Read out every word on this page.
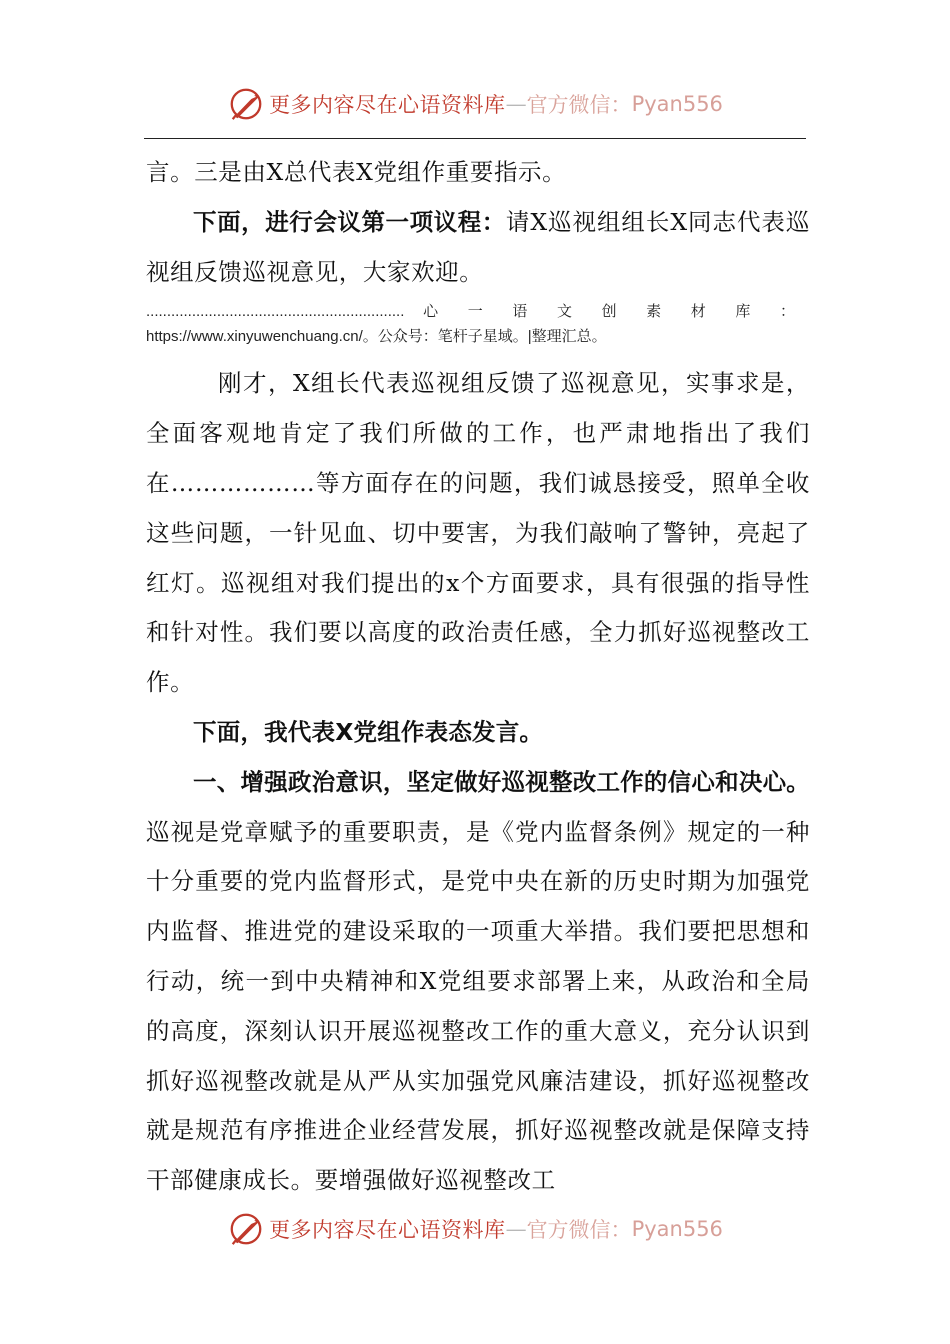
更多内容尽在心语资料库 — 官方微信： Pyan556

言。三是由X总代表X党组作重要指示。

下面，进行会议第一项议程：请X巡视组组长X同志代表巡视组反馈巡视意见，大家欢迎。

.............................................................. 心一语文创素材库：https://www.xinyuwenchuang.cn/。公众号：笔杆子星域。|整理汇总。

刚才，X组长代表巡视组反馈了巡视意见，实事求是，全面客观地肯定了我们所做的工作，也严肃地指出了我们在………………等方面存在的问题，我们诚恳接受，照单全收这些问题，一针见血、切中要害，为我们敲响了警钟，亮起了红灯。巡视组对我们提出的x个方面要求，具有很强的指导性和针对性。我们要以高度的政治责任感，全力抓好巡视整改工作。

下面，我代表X党组作表态发言。

一、增强政治意识，坚定做好巡视整改工作的信心和决心。巡视是党章赋予的重要职责，是《党内监督条例》规定的一种十分重要的党内监督形式，是党中央在新的历史时期为加强党内监督、推进党的建设采取的一项重大举措。我们要把思想和行动，统一到中央精神和X党组要求部署上来，从政治和全局的高度，深刻认识开展巡视整改工作的重大意义，充分认识到抓好巡视整改就是从严从实加强党风廉洁建设，抓好巡视整改就是规范有序推进企业经营发展，抓好巡视整改就是保障支持干部健康成长。要增强做好巡视整改工

更多内容尽在心语资料库 — 官方微信： Pyan556
